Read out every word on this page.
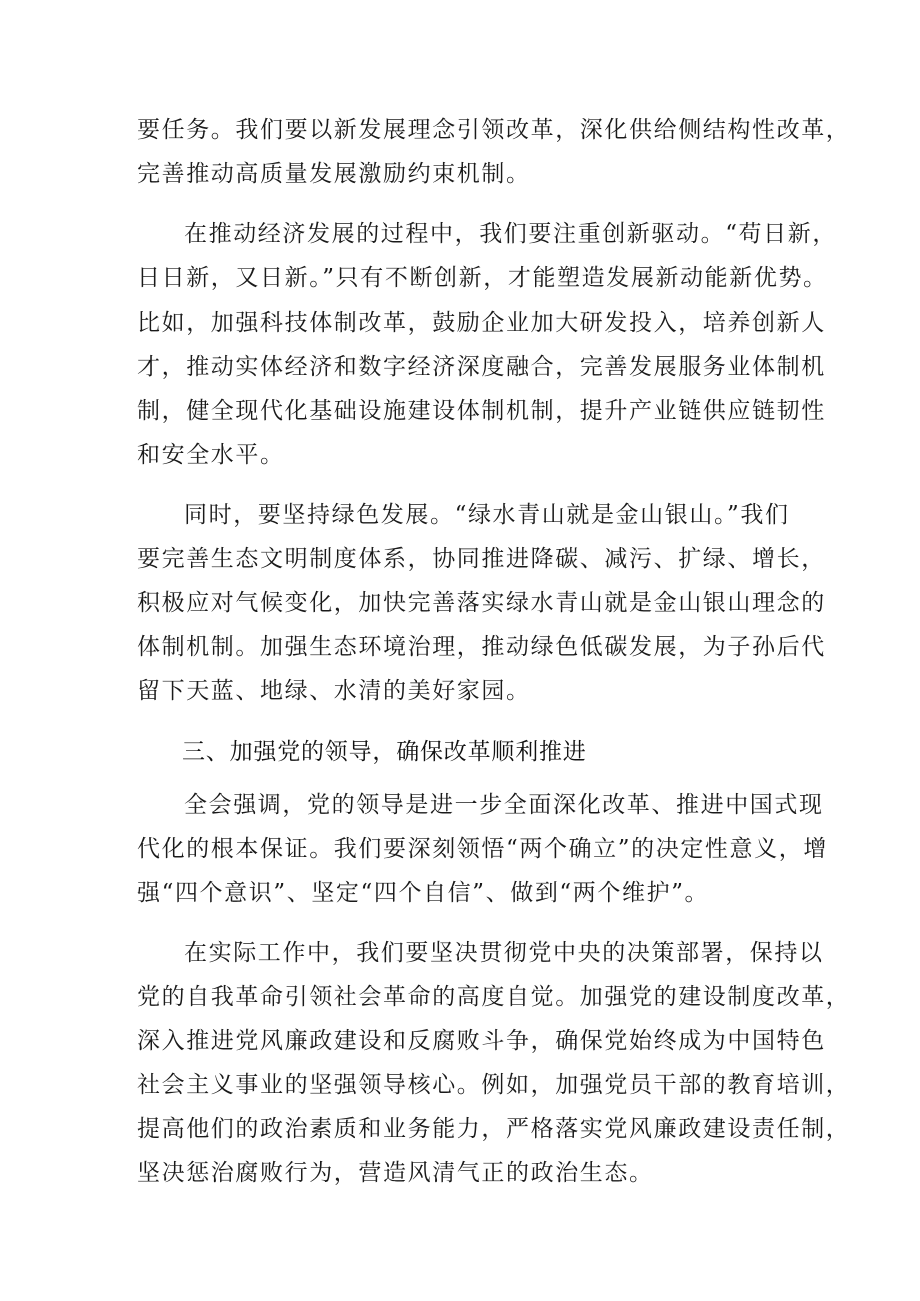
要任务。我们要以新发展理念引领改革，深化供给侧结构性改革，
完善推动高质量发展激励约束机制。
在推动经济发展的过程中，我们要注重创新驱动。“苟日新，
日日新，又日新。”只有不断创新，才能塑造发展新动能新优势。
比如，加强科技体制改革，鼓励企业加大研发投入，培养创新人
才，推动实体经济和数字经济深度融合，完善发展服务业体制机
制，健全现代化基础设施建设体制机制，提升产业链供应链韧性
和安全水平。
同时，要坚持绿色发展。“绿水青山就是金山银山。”我们
要完善生态文明制度体系，协同推进降碳、减污、扩绿、增长，
积极应对气候变化，加快完善落实绿水青山就是金山银山理念的
体制机制。加强生态环境治理，推动绿色低碳发展，为子孙后代
留下天蓝、地绿、水清的美好家园。
三、加强党的领导，确保改革顺利推进
全会强调，党的领导是进一步全面深化改革、推进中国式现
代化的根本保证。我们要深刻领悟“两个确立”的决定性意义，增
强“四个意识”、坚定“四个自信”、做到“两个维护”。
在实际工作中，我们要坚决贯彻党中央的决策部署，保持以
党的自我革命引领社会革命的高度自觉。加强党的建设制度改革，
深入推进党风廉政建设和反腐败斗争，确保党始终成为中国特色
社会主义事业的坚强领导核心。例如，加强党员干部的教育培训，
提高他们的政治素质和业务能力，严格落实党风廉政建设责任制，
坚决惩治腐败行为，营造风清气正的政治生态。
